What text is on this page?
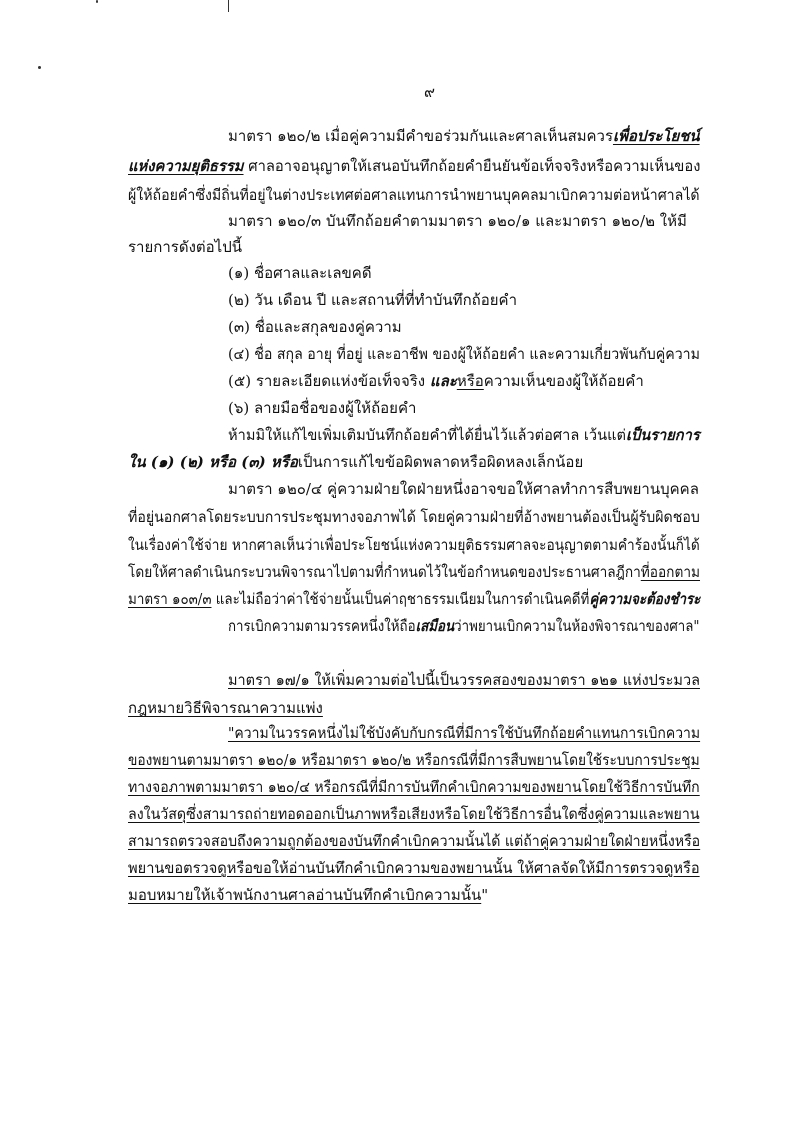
๙
มาตรา ๑๒๐/๒ เมื่อคู่ความมีคำขอร่วมกันและศาลเห็นสมควรเพื่อประโยชน์
แห่งความยุติธรรม ศาลอาจอนุญาตให้เสนอบันทึกถ้อยคำยืนยันข้อเท็จจริงหรือความเห็นของ
ผู้ให้ถ้อยคำซึ่งมีถิ่นที่อยู่ในต่างประเทศต่อศาลแทนการนำพยานบุคคลมาเบิกความต่อหน้าศาลได้
มาตรา ๑๒๐/๓ บันทึกถ้อยคำตามมาตรา ๑๒๐/๑ และมาตรา ๑๒๐/๒ ให้มี
รายการดังต่อไปนี้
(๑) ชื่อศาลและเลขคดี
(๒) วัน เดือน ปี และสถานที่ที่ทำบันทึกถ้อยคำ
(๓) ชื่อและสกุลของคู่ความ
(๔) ชื่อ สกุล อายุ ที่อยู่ และอาชีพ ของผู้ให้ถ้อยคำ และความเกี่ยวพันกับคู่ความ
(๕) รายละเอียดแห่งข้อเท็จจริง และหรือความเห็นของผู้ให้ถ้อยคำ
(๖) ลายมือชื่อของผู้ให้ถ้อยคำ
ห้ามมิให้แก้ไขเพิ่มเติมบันทึกถ้อยคำที่ได้ยื่นไว้แล้วต่อศาล เว้นแต่เป็นรายการ
ใน (๑) (๒) หรือ (๓) หรือเป็นการแก้ไขข้อผิดพลาดหรือผิดหลงเล็กน้อย
มาตรา ๑๒๐/๔ คู่ความฝ่ายใดฝ่ายหนึ่งอาจขอให้ศาลทำการสืบพยานบุคคล
ที่อยู่นอกศาลโดยระบบการประชุมทางจอภาพได้ โดยคู่ความฝ่ายที่อ้างพยานต้องเป็นผู้รับผิดชอบ
ในเรื่องค่าใช้จ่าย หากศาลเห็นว่าเพื่อประโยชน์แห่งความยุติธรรมศาลจะอนุญาตตามคำร้องนั้นก็ได้
โดยให้ศาลดำเนินกระบวนพิจารณาไปตามที่กำหนดไว้ในข้อกำหนดของประธานศาลฎีกาที่ออกตาม
มาตรา ๑๐๓/๓ และไม่ถือว่าค่าใช้จ่ายนั้นเป็นค่าฤชาธรรมเนียมในการดำเนินคดีที่คู่ความจะต้องชำระ
การเบิกความตามวรรคหนึ่งให้ถือเสมือนว่าพยานเบิกความในห้องพิจารณาของศาล"
มาตรา ๑๗/๑ ให้เพิ่มความต่อไปนี้เป็นวรรคสองของมาตรา ๑๒๑ แห่งประมวล
กฎหมายวิธีพิจารณาความแพ่ง
"ความในวรรคหนึ่งไม่ใช้บังคับกับกรณีที่มีการใช้บันทึกถ้อยคำแทนการเบิกความ
ของพยานตามมาตรา ๑๒๐/๑ หรือมาตรา ๑๒๐/๒ หรือกรณีที่มีการสืบพยานโดยใช้ระบบการประชุม
ทางจอภาพตามมาตรา ๑๒๐/๔ หรือกรณีที่มีการบันทึกคำเบิกความของพยานโดยใช้วิธีการบันทึก
ลงในวัสดุซึ่งสามารถถ่ายทอดออกเป็นภาพหรือเสียงหรือโดยใช้วิธีการอื่นใดซึ่งคู่ความและพยาน
สามารถตรวจสอบถึงความถูกต้องของบันทึกคำเบิกความนั้นได้ แต่ถ้าคู่ความฝ่ายใดฝ่ายหนึ่งหรือ
พยานขอตรวจดูหรือขอให้อ่านบันทึกคำเบิกความของพยานนั้น ให้ศาลจัดให้มีการตรวจดูหรือ
มอบหมายให้เจ้าพนักงานศาลอ่านบันทึกคำเบิกความนั้น"
